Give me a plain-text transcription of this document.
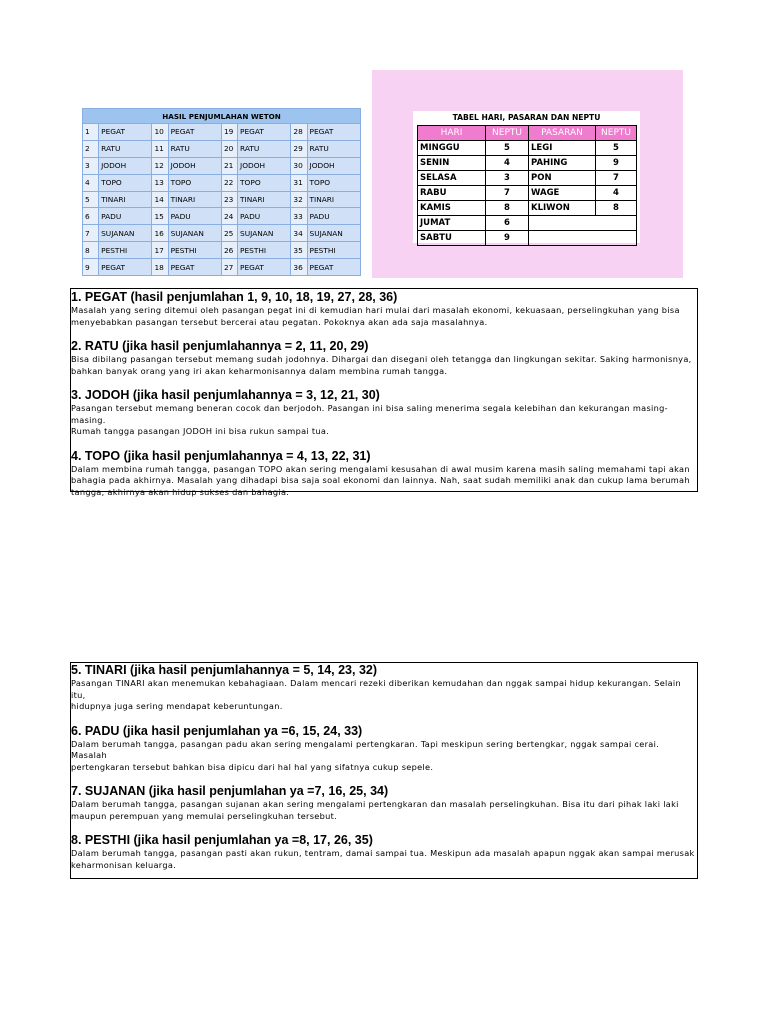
HASIL PENJUMLAHAN WETON							
1	PEGAT	10	PEGAT	19	PEGAT	28	PEGAT
2	RATU	11	RATU	20	RATU	29	RATU
3	JODOH	12	JODOH	21	JODOH	30	JODOH
4	TOPO	13	TOPO	22	TOPO	31	TOPO
5	TINARI	14	TINARI	23	TINARI	32	TINARI
6	PADU	15	PADU	24	PADU	33	PADU
7	SUJANAN	16	SUJANAN	25	SUJANAN	34	SUJANAN
8	PESTHI	17	PESTHI	26	PESTHI	35	PESTHI
9	PEGAT	18	PEGAT	27	PEGAT	36	PEGAT
TABEL HARI, PASARAN DAN NEPTU
HARI	NEPTU	PASARAN	NEPTU
MINGGU	5	LEGI	5
SENIN	4	PAHING	9
SELASA	3	PON	7
RABU	7	WAGE	4
KAMIS	8	KLIWON	8
JUMAT	6		
SABTU	9		
1. PEGAT (hasil penjumlahan 1, 9, 10, 18, 19, 27, 28, 36)

Masalah yang sering ditemui oleh pasangan pegat ini di kemudian hari mulai dari masalah ekonomi, kekuasaan, perselingkuhan yang bisa

menyebabkan pasangan tersebut bercerai atau pegatan. Pokoknya akan ada saja masalahnya.

2. RATU (jika hasil penjumlahannya = 2, 11, 20, 29)

Bisa dibilang pasangan tersebut memang sudah jodohnya. Dihargai dan disegani oleh tetangga dan lingkungan sekitar. Saking harmonisnya,

bahkan banyak orang yang iri akan keharmonisannya dalam membina rumah tangga.

3. JODOH (jika hasil penjumlahannya = 3, 12, 21, 30)

Pasangan tersebut memang beneran cocok dan berjodoh. Pasangan ini bisa saling menerima segala kelebihan dan kekurangan masing-masing.

Rumah tangga pasangan JODOH ini bisa rukun sampai tua.

4. TOPO (jika hasil penjumlahannya = 4, 13, 22, 31)

Dalam membina rumah tangga, pasangan TOPO akan sering mengalami kesusahan di awal musim karena masih saling memahami tapi akan

bahagia pada akhirnya. Masalah yang dihadapi bisa saja soal ekonomi dan lainnya. Nah, saat sudah memiliki anak dan cukup lama berumah

tangga, akhirnya akan hidup sukses dan bahagia.

5. TINARI (jika hasil penjumlahannya = 5, 14, 23, 32)

Pasangan TINARI akan menemukan kebahagiaan. Dalam mencari rezeki diberikan kemudahan dan nggak sampai hidup kekurangan. Selain itu,

hidupnya juga sering mendapat keberuntungan.

6. PADU (jika hasil penjumlahan ya =6, 15, 24, 33)

Dalam berumah tangga, pasangan padu akan sering mengalami pertengkaran. Tapi meskipun sering bertengkar, nggak sampai cerai. Masalah

pertengkaran tersebut bahkan bisa dipicu dari hal hal yang sifatnya cukup sepele.

7. SUJANAN (jika hasil penjumlahan ya =7, 16, 25, 34)

Dalam berumah tangga, pasangan sujanan akan sering mengalami pertengkaran dan masalah perselingkuhan. Bisa itu dari pihak laki laki

maupun perempuan yang memulai perselingkuhan tersebut.

8. PESTHI (jika hasil penjumlahan ya =8, 17, 26, 35)

Dalam berumah tangga, pasangan pasti akan rukun, tentram, damai sampai tua. Meskipun ada masalah apapun nggak akan sampai merusak

keharmonisan keluarga.
